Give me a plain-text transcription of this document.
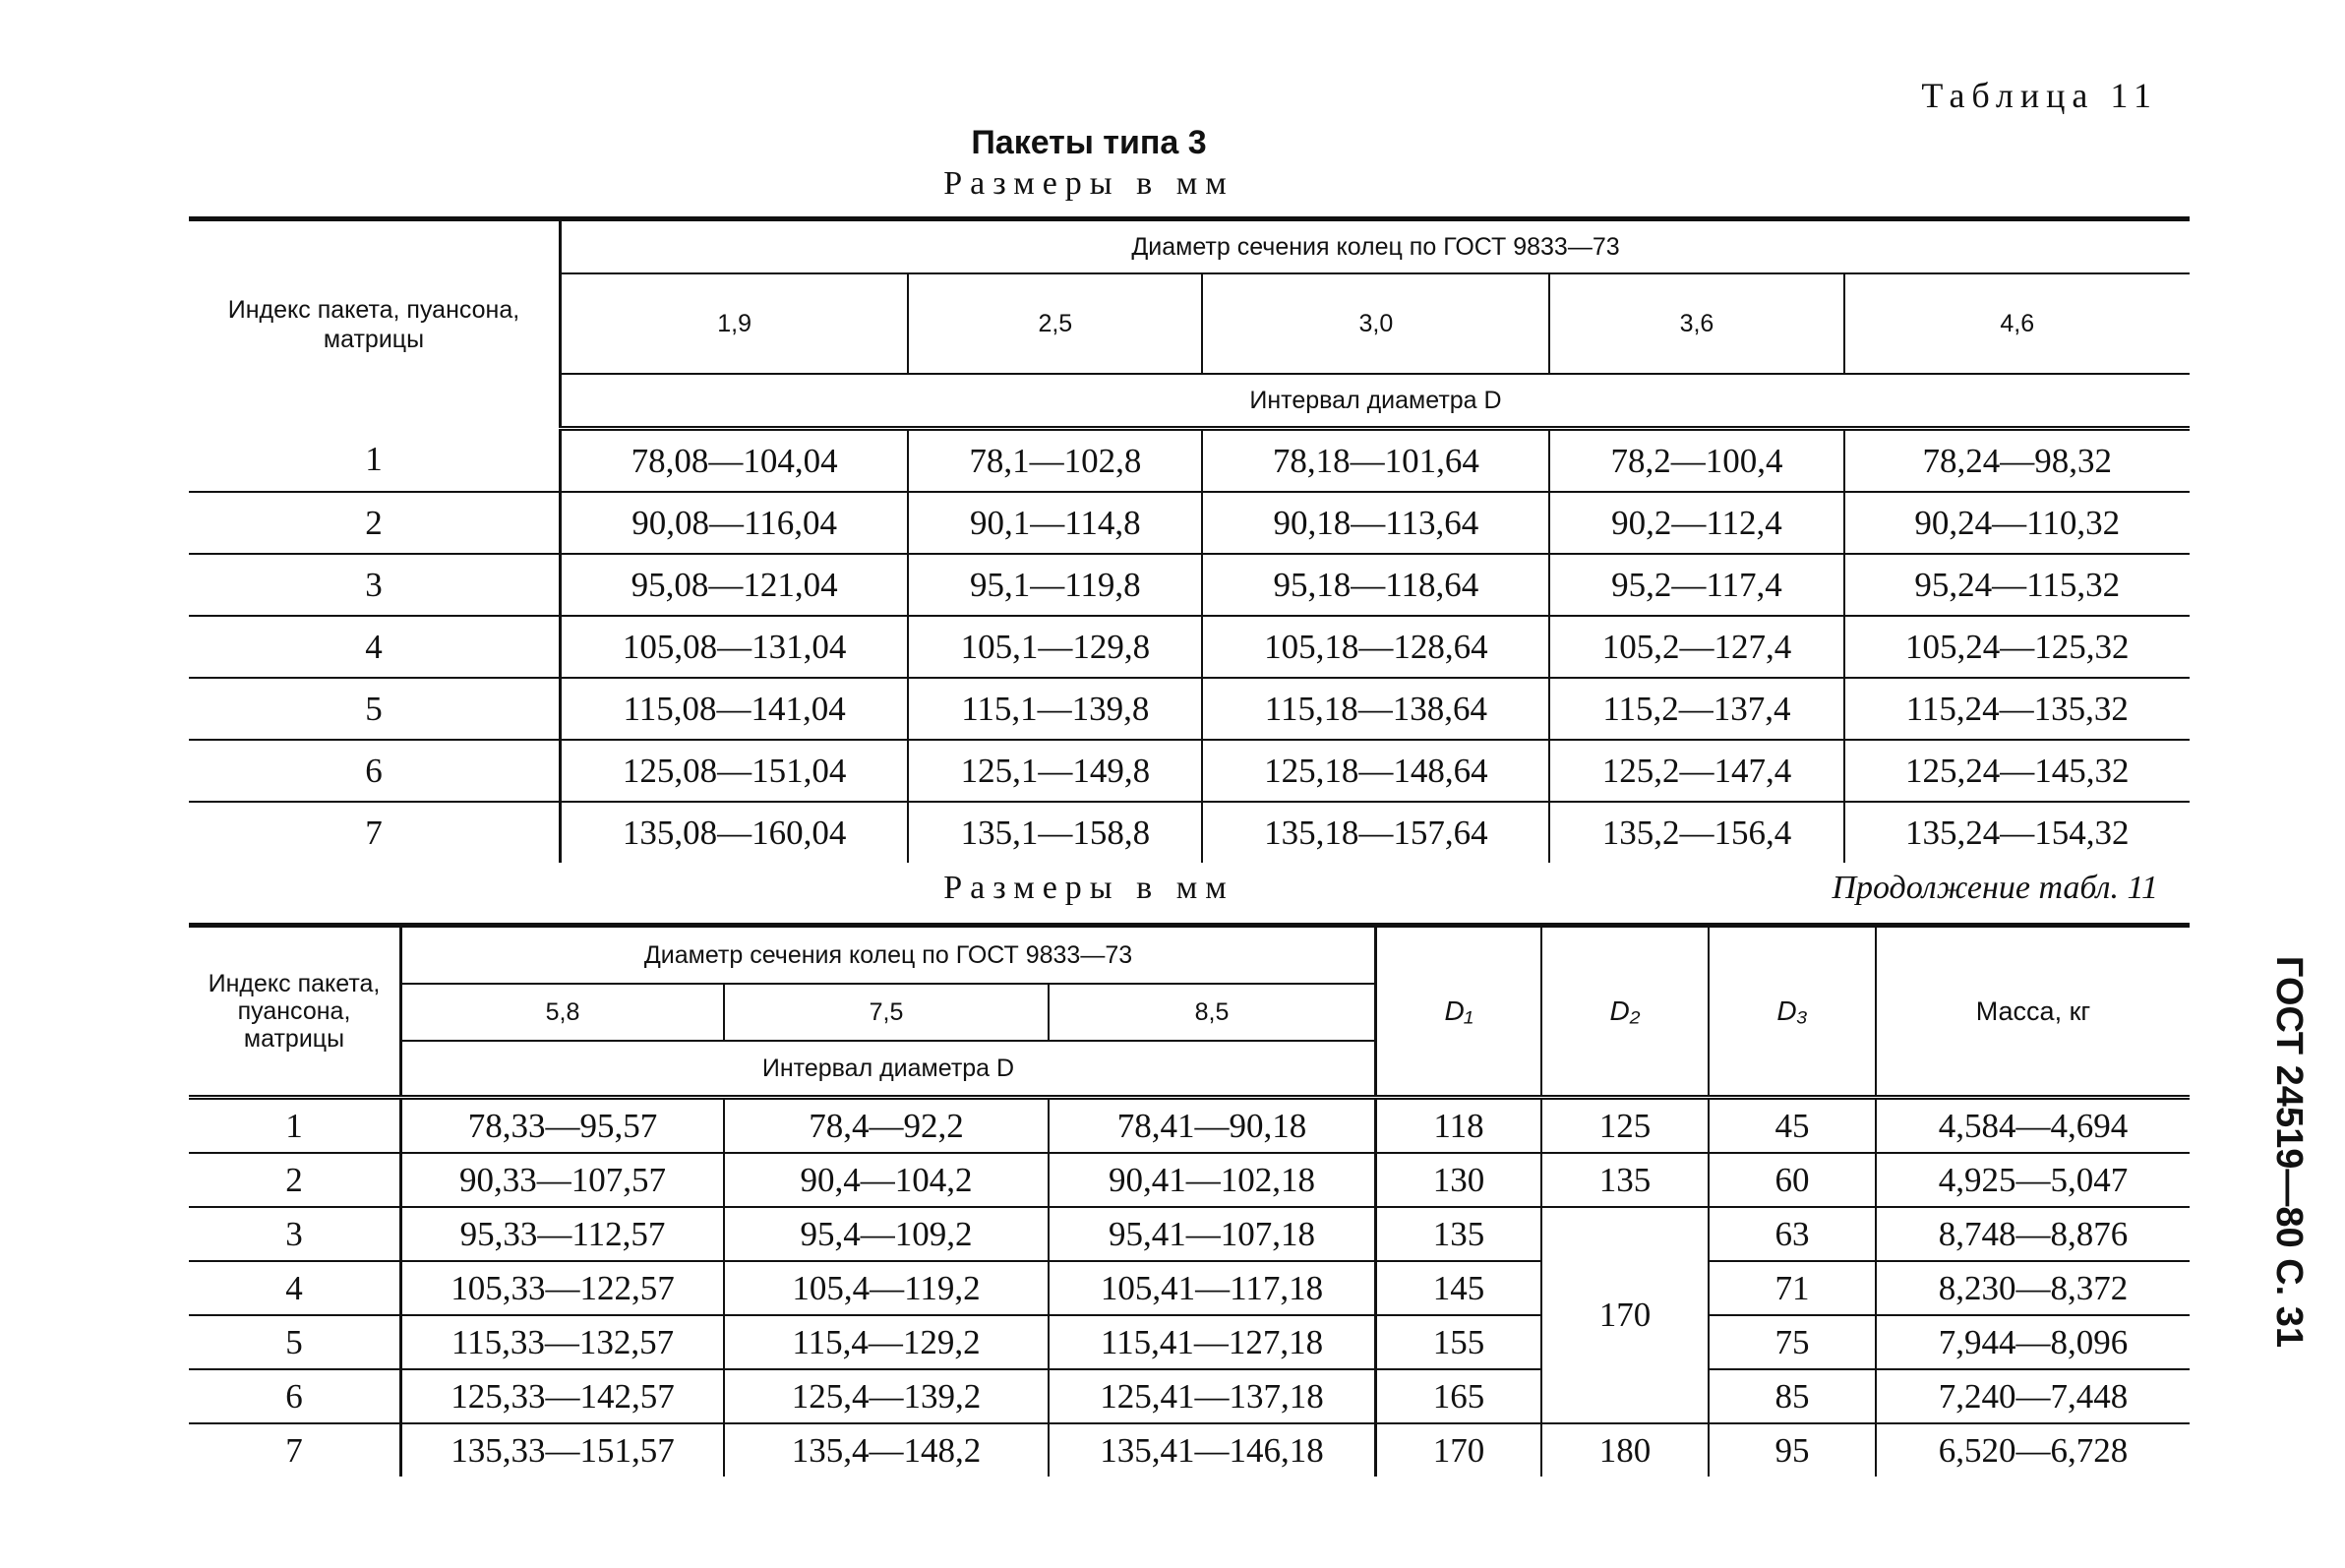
Таблица 11
Пакеты типа 3
Размеры в мм
Индекс пакета, пуансона, матрицы	Диаметр сечения колец по ГОСТ 9833—73				
	1,9	2,5	3,0	3,6	4,6
	Интервал диаметра D				
1	78,08—104,04	78,1—102,8	78,18—101,64	78,2—100,4	78,24—98,32
2	90,08—116,04	90,1—114,8	90,18—113,64	90,2—112,4	90,24—110,32
3	95,08—121,04	95,1—119,8	95,18—118,64	95,2—117,4	95,24—115,32
4	105,08—131,04	105,1—129,8	105,18—128,64	105,2—127,4	105,24—125,32
5	115,08—141,04	115,1—139,8	115,18—138,64	115,2—137,4	115,24—135,32
6	125,08—151,04	125,1—149,8	125,18—148,64	125,2—147,4	125,24—145,32
7	135,08—160,04	135,1—158,8	135,18—157,64	135,2—156,4	135,24—154,32
Размеры в мм	Продолжение табл. 11
Индекс пакета, пуансона, матрицы	Диаметр сечения колец по ГОСТ 9833—73			D₁	D₂	D₃	Масса, кг
	5,8	7,5	8,5				
	Интервал диаметра D						
1	78,33—95,57	78,4—92,2	78,41—90,18	118	125	45	4,584—4,694
2	90,33—107,57	90,4—104,2	90,41—102,18	130	135	60	4,925—5,047
3	95,33—112,57	95,4—109,2	95,41—107,18	135	170	63	8,748—8,876
4	105,33—122,57	105,4—119,2	105,41—117,18	145		71	8,230—8,372
5	115,33—132,57	115,4—129,2	115,41—127,18	155		75	7,944—8,096
6	125,33—142,57	125,4—139,2	125,41—137,18	165		85	7,240—7,448
7	135,33—151,57	135,4—148,2	135,41—146,18	170	180	95	6,520—6,728
ГОСТ 24519—80 С. 31
